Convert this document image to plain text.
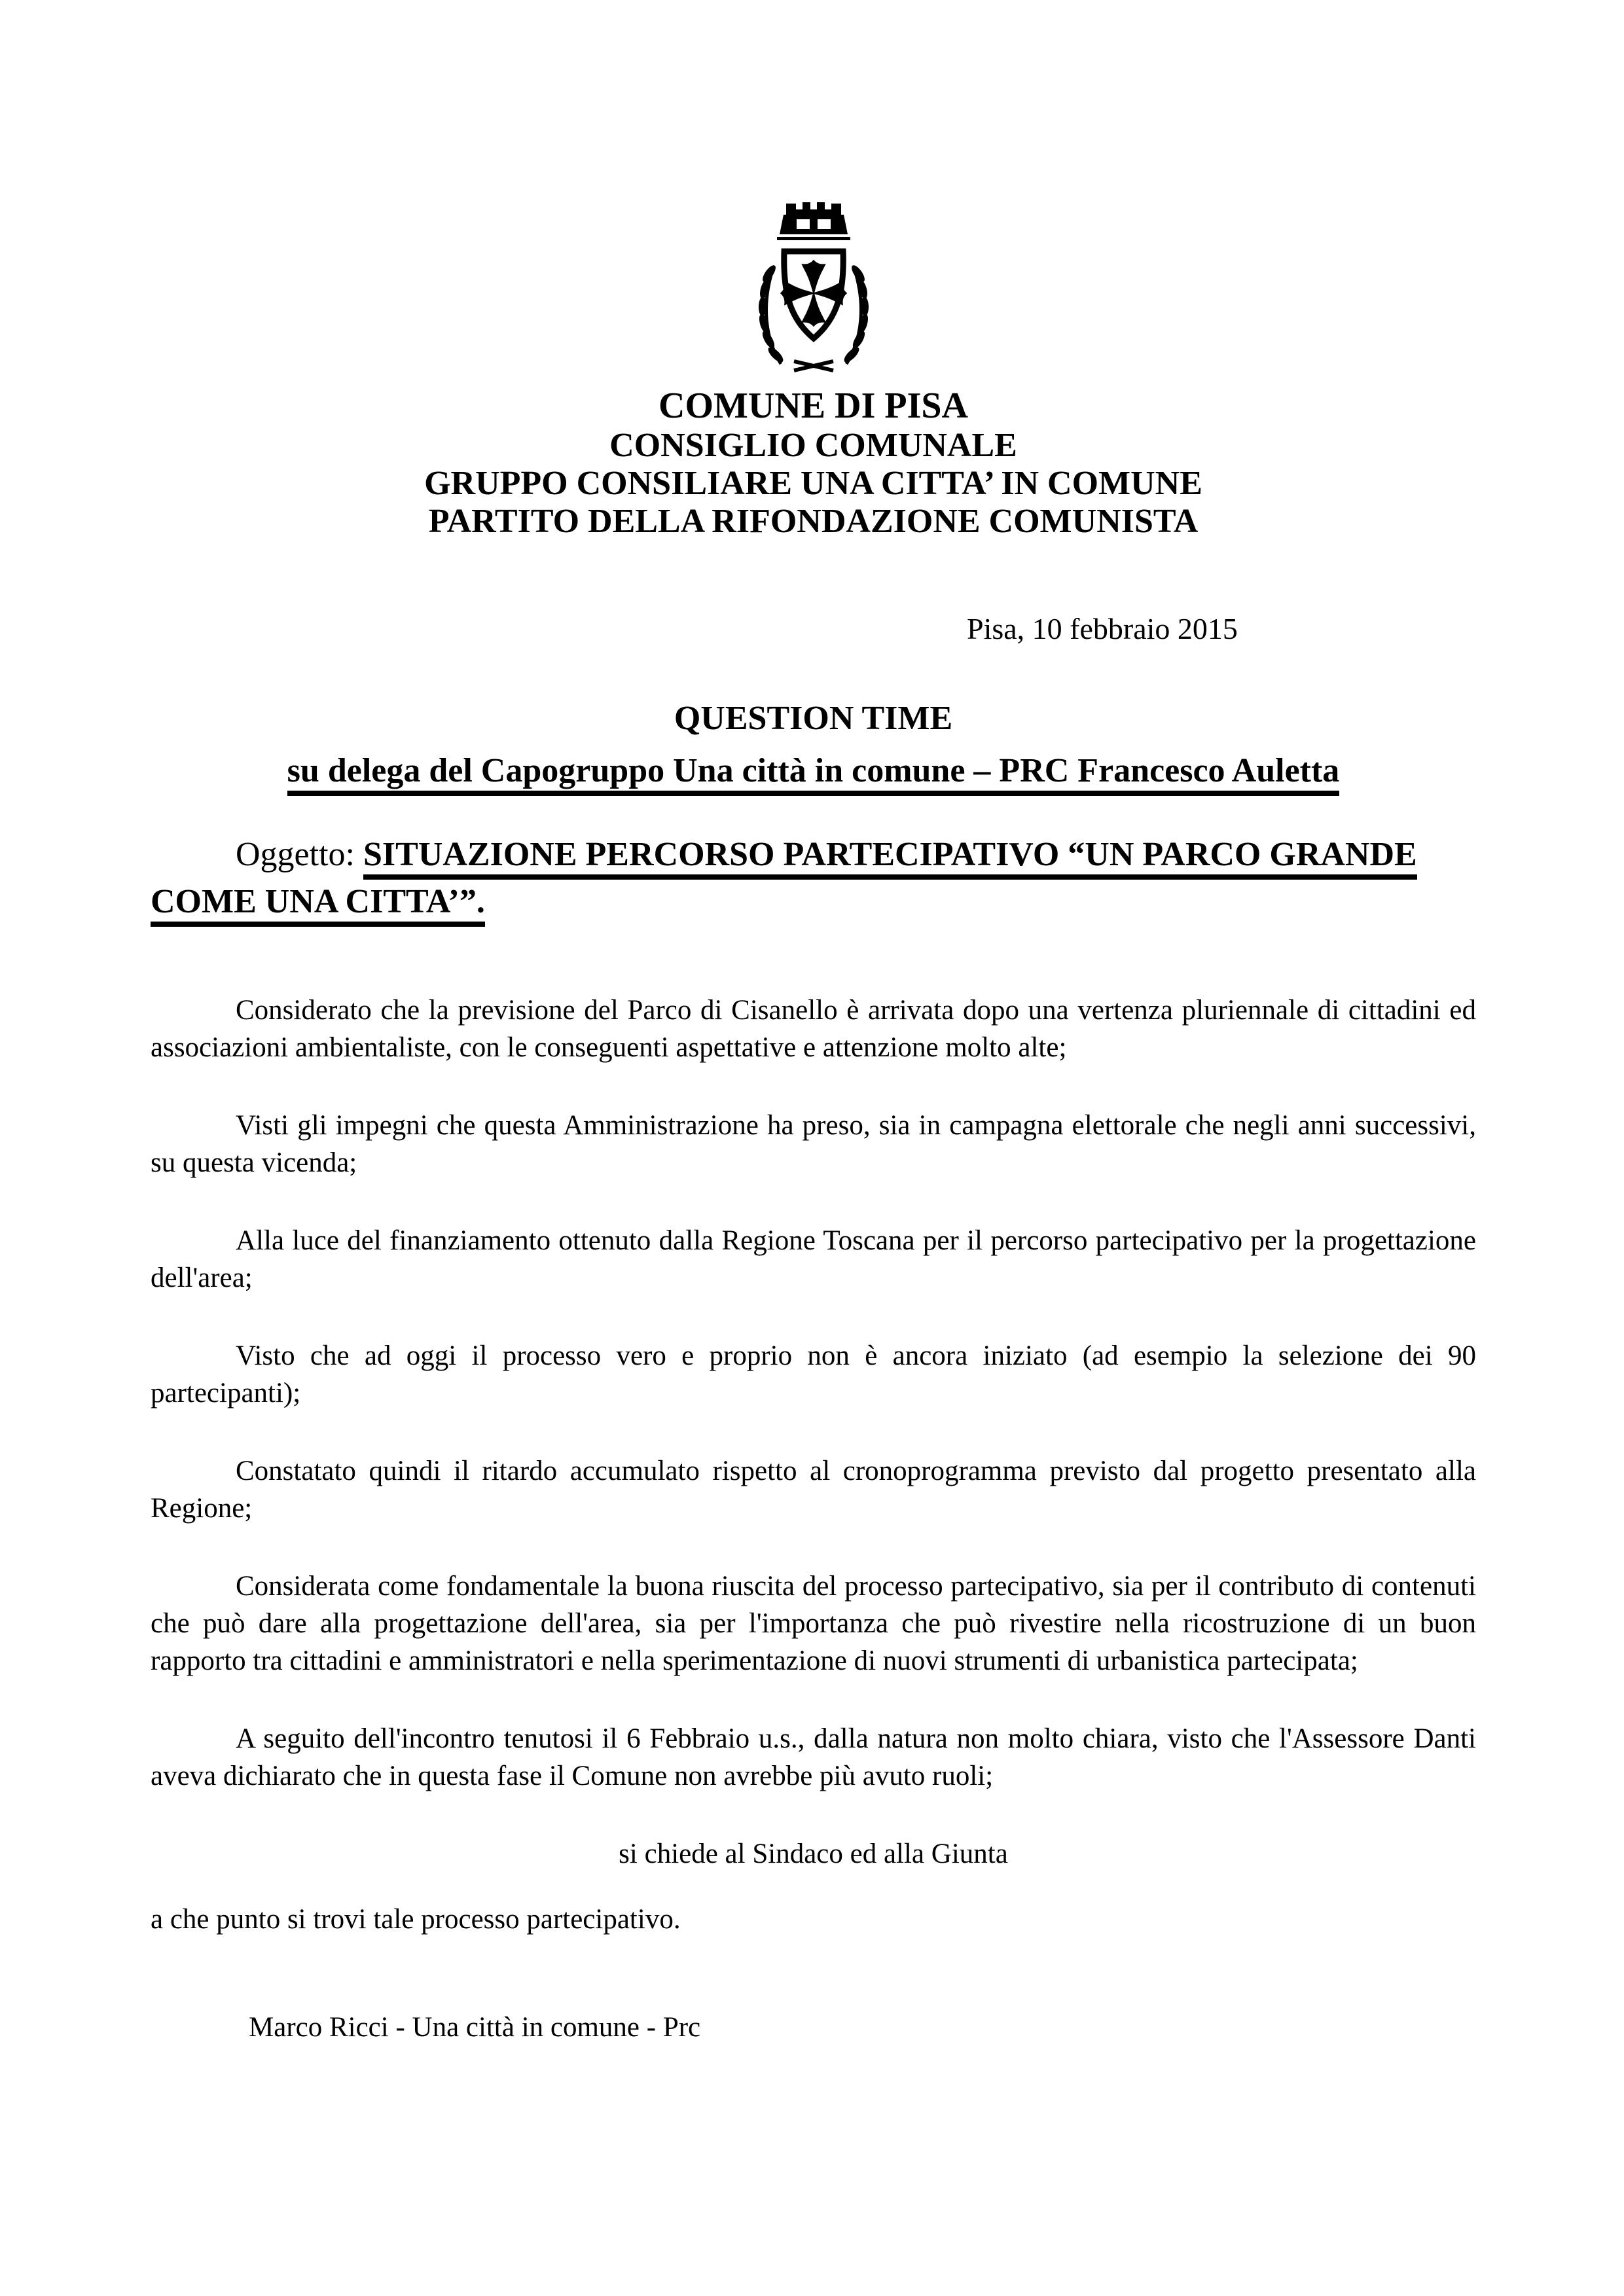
COMUNE DI PISA
CONSIGLIO COMUNALE
GRUPPO CONSILIARE UNA CITTA’ IN COMUNE
PARTITO DELLA RIFONDAZIONE COMUNISTA
Pisa, 10 febbraio 2015
QUESTION TIME
su delega del Capogruppo Una città in comune – PRC Francesco Auletta

Oggetto: SITUAZIONE PERCORSO PARTECIPATIVO “UN PARCO GRANDE COME UNA CITTA’”.

Considerato che la previsione del Parco di Cisanello è arrivata dopo una vertenza pluriennale di cittadini ed associazioni ambientaliste, con le conseguenti aspettative e attenzione molto alte;

Visti gli impegni che questa Amministrazione ha preso, sia in campagna elettorale che negli anni successivi, su questa vicenda;

Alla luce del finanziamento ottenuto dalla Regione Toscana per il percorso partecipativo per la progettazione dell'area;

Visto che ad oggi il processo vero e proprio non è ancora iniziato (ad esempio la selezione dei 90 partecipanti);

Constatato quindi il ritardo accumulato rispetto al cronoprogramma previsto dal progetto presentato alla Regione;

Considerata come fondamentale la buona riuscita del processo partecipativo, sia per il contributo di contenuti che può dare alla progettazione dell'area, sia per l'importanza che può rivestire nella ricostruzione di un buon rapporto tra cittadini e amministratori e nella sperimentazione di nuovi strumenti di urbanistica partecipata;

A seguito dell'incontro tenutosi il 6 Febbraio u.s., dalla natura non molto chiara, visto che l'Assessore Danti aveva dichiarato che in questa fase il Comune non avrebbe più avuto ruoli;

si chiede al Sindaco ed alla Giunta

a che punto si trovi tale processo partecipativo.

Marco Ricci - Una città in comune - Prc
